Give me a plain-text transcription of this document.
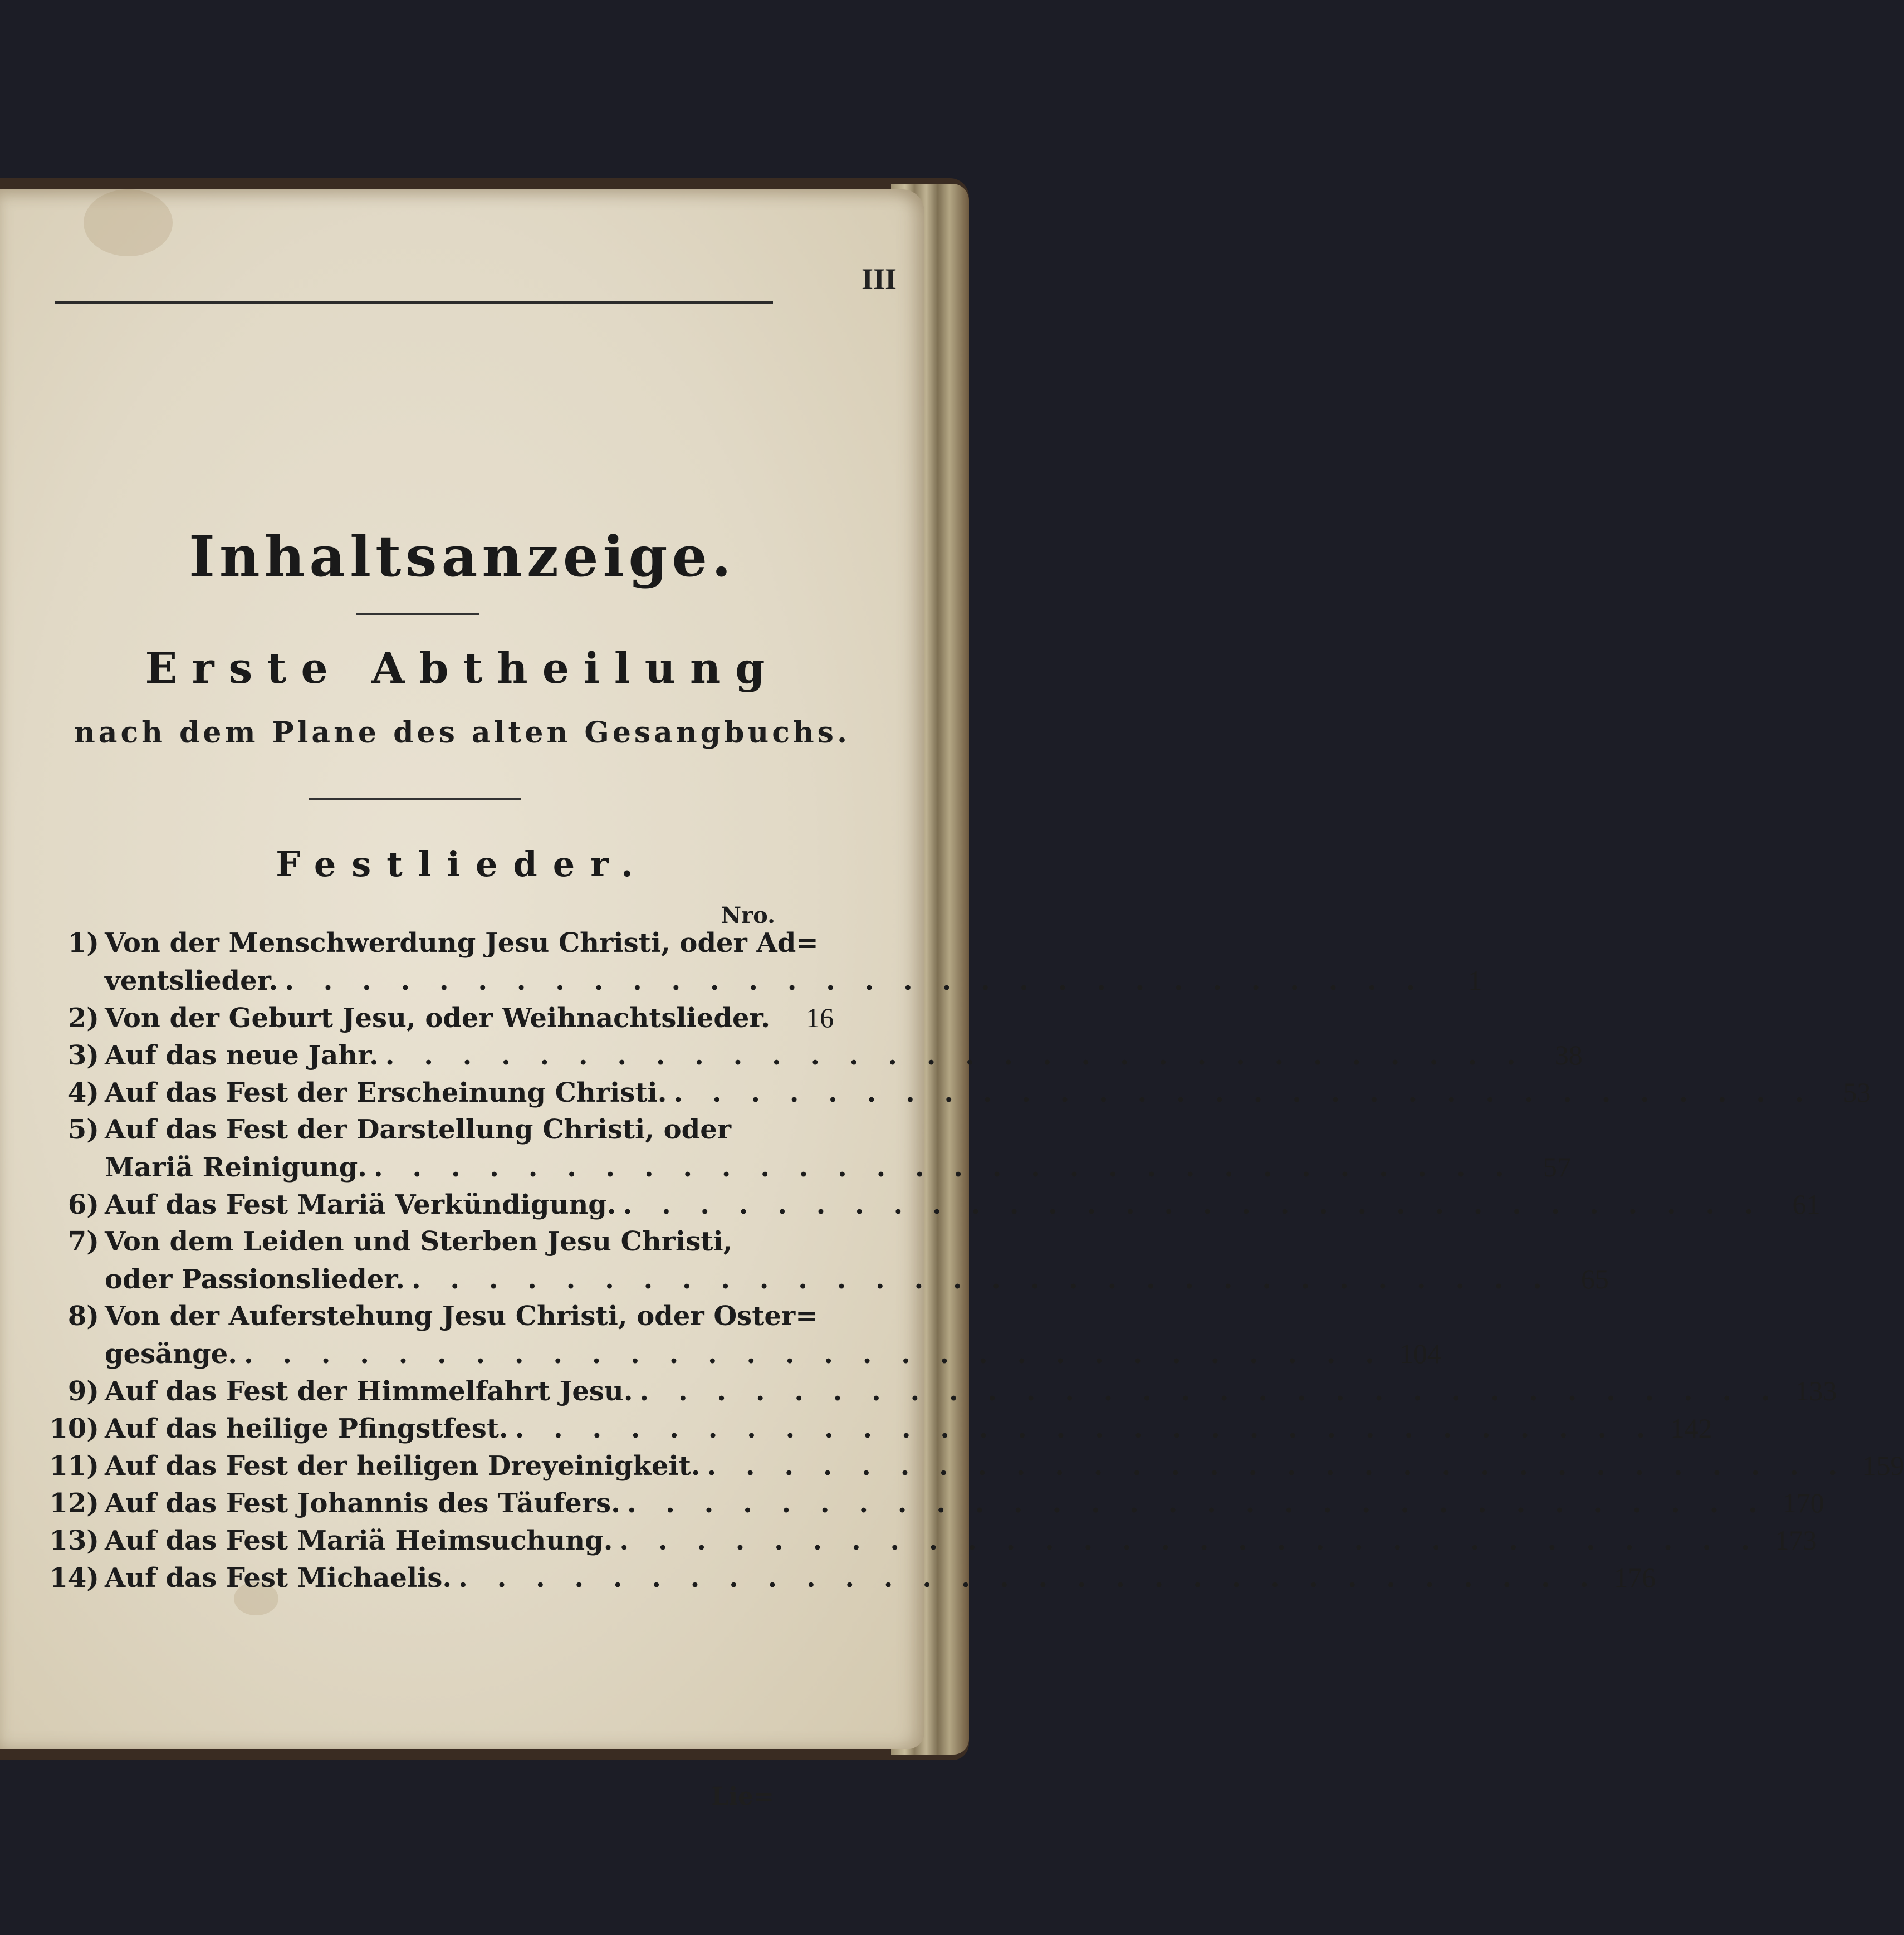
III
Inhaltsanzeige.
Erste Abtheilung
nach dem Plane des alten Gesangbuchs.
Festlieder.
Nro.
1) Von der Menschwerdung Jesu Christi, oder Ad=
ventslieder. . . . . . . . . . . . . . . . . . . . . . . . . . . . . . .	1
2) Von der Geburt Jesu, oder Weihnachtslieder.	16
3) Auf das neue Jahr. . . . . . . . . . . . . . . . . . . . . . . . . . . . . . .	38
4) Auf das Fest der Erscheinung Christi. . . . . . . . . . . . . . . . . . . . . . . . . . . . . . .	53
5) Auf das Fest der Darstellung Christi, oder
Mariä Reinigung. . . . . . . . . . . . . . . . . . . . . . . . . . . . . . .	57
6) Auf das Fest Mariä Verkündigung. . . . . . . . . . . . . . . . . . . . . . . . . . . . . . .	61
7) Von dem Leiden und Sterben Jesu Christi,
oder Passionslieder. . . . . . . . . . . . . . . . . . . . . . . . . . . . . . .	65
8) Von der Auferstehung Jesu Christi, oder Oster=
gesänge. . . . . . . . . . . . . . . . . . . . . . . . . . . . . . . 104
9) Auf das Fest der Himmelfahrt Jesu. . . . . . . . . . . . . . . . . . . . . . . . . . . . . . . 133
10) Auf das heilige Pfingstfest. . . . . . . . . . . . . . . . . . . . . . . . . . . . . . . 142
11) Auf das Fest der heiligen Dreyeinigkeit. . . . . . . . . . . . . . . . . . . . . . . . . . . . . . . 159
12) Auf das Fest Johannis des Täufers. . . . . . . . . . . . . . . . . . . . . . . . . . . . . . . 170
13) Auf das Fest Mariä Heimsuchung. . . . . . . . . . . . . . . . . . . . . . . . . . . . . . . 173
14) Auf das Fest Michaelis. . . . . . . . . . . . . . . . . . . . . . . . . . . . . . . 176
Lie=
